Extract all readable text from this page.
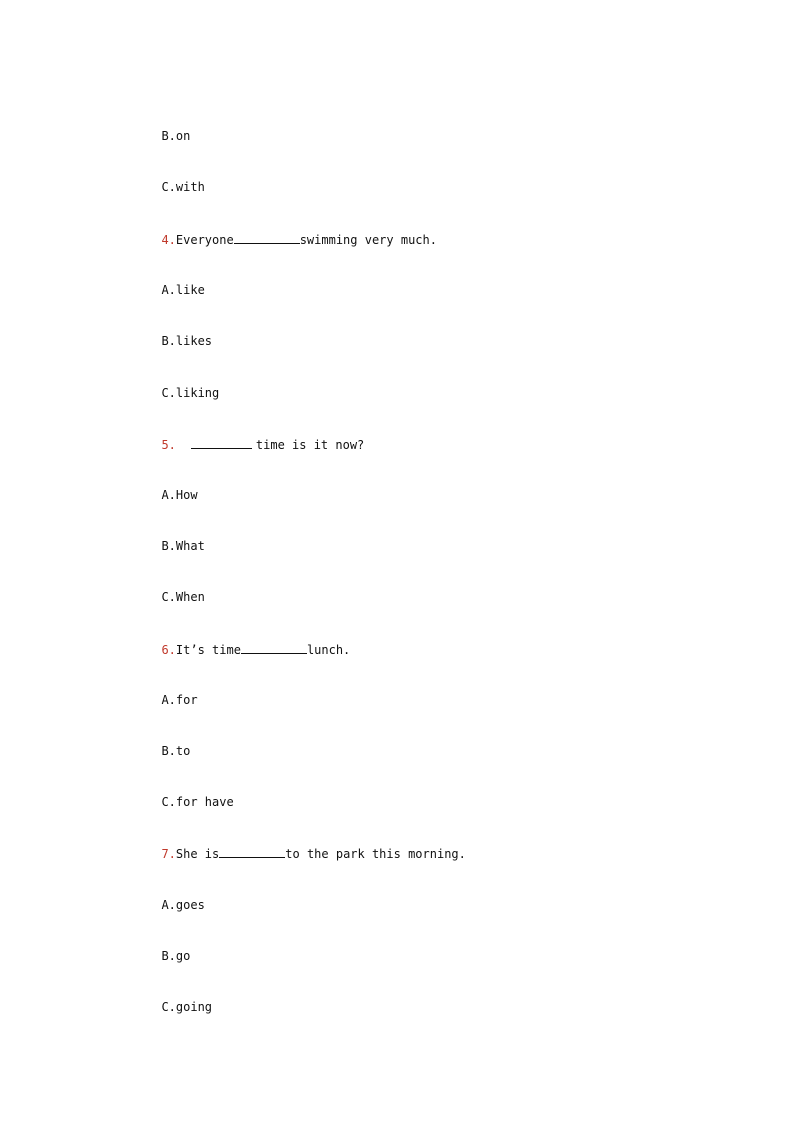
B.on

C.with

4.Everyone	swimming very much.

A.like

B.likes

C.liking

5.	time is it now?

A.How

B.What

C.When

6.It’s time	lunch.

A.for

B.to

C.for have

7.She is	to the park this morning.

A.goes

B.go

C.going
